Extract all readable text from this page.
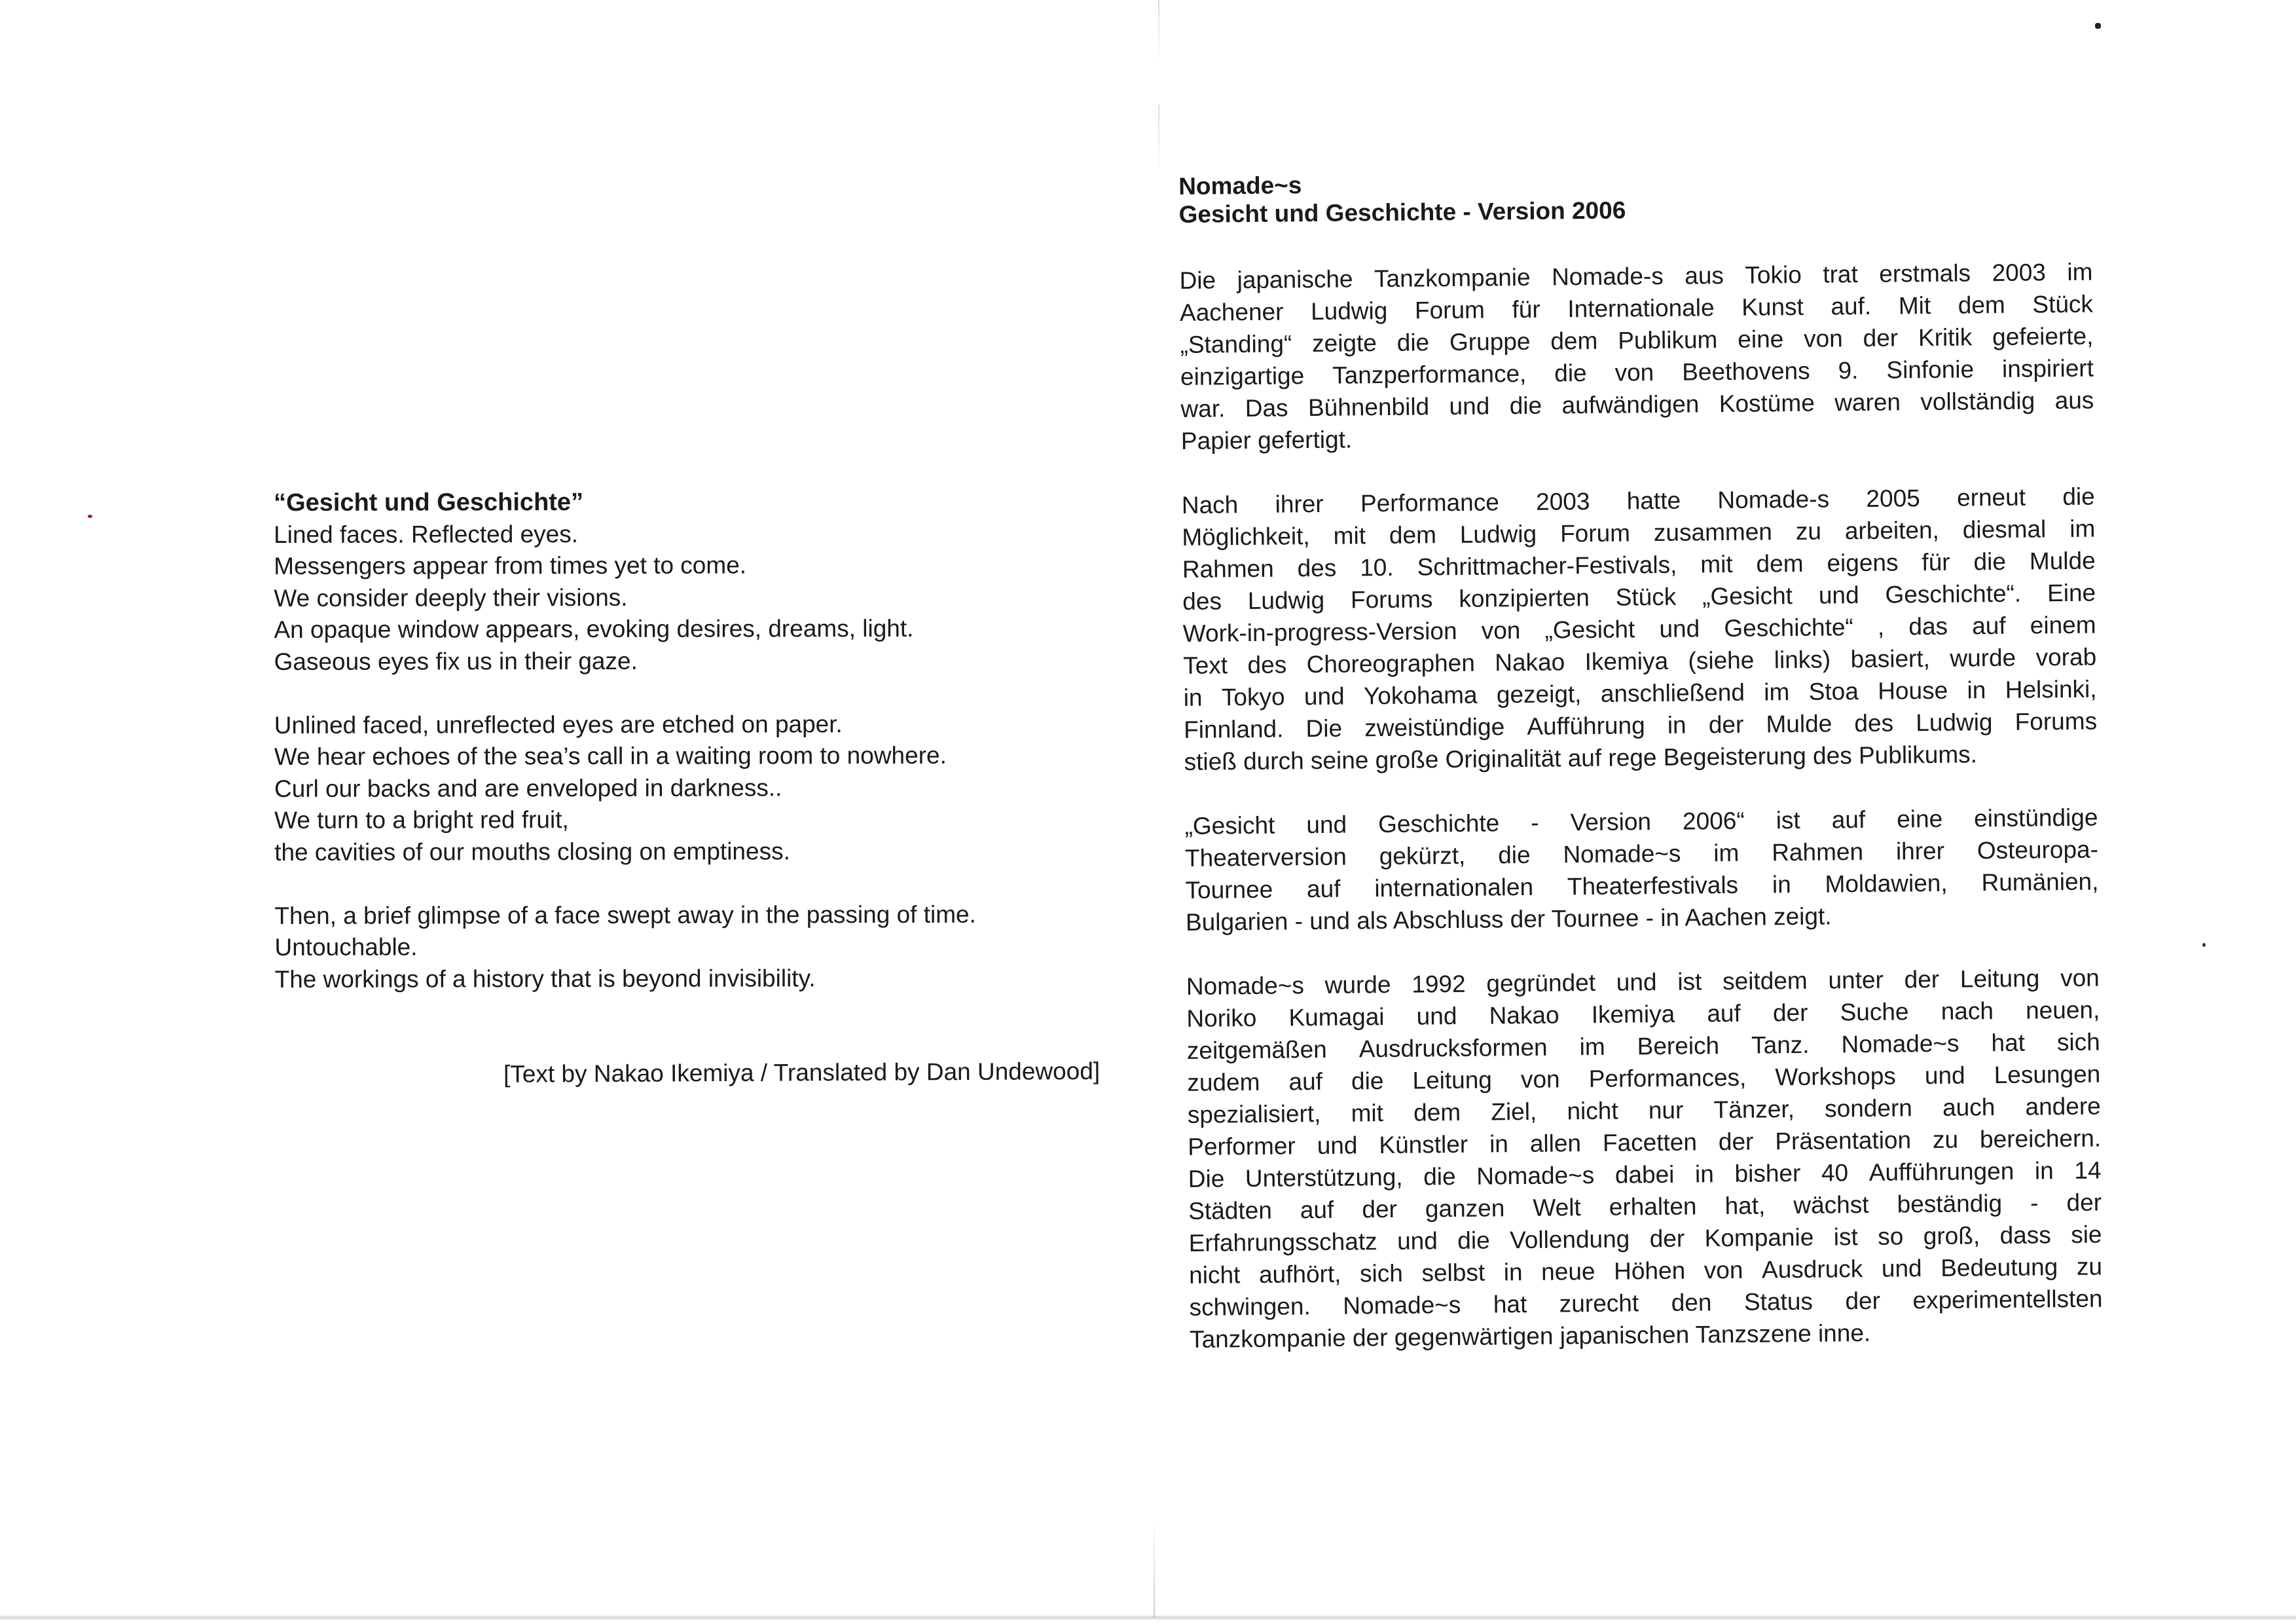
“Gesicht und Geschichte”
Lined faces. Reflected eyes.
Messengers appear from times yet to come.
We consider deeply their visions.
An opaque window appears, evoking desires, dreams, light.
Gaseous eyes fix us in their gaze.
Unlined faced, unreflected eyes are etched on paper.
We hear echoes of the sea’s call in a waiting room to nowhere.
Curl our backs and are enveloped in darkness..
We turn to a bright red fruit,
the cavities of our mouths closing on emptiness.
Then, a brief glimpse of a face swept away in the passing of time.
Untouchable.
The workings of a history that is beyond invisibility.
[Text by Nakao Ikemiya / Translated by Dan Undewood]
Nomade~s
Gesicht und Geschichte - Version 2006

Die japanische Tanzkompanie Nomade-s aus Tokio trat erstmals 2003 im
Aachener Ludwig Forum für Internationale Kunst auf. Mit dem Stück
„Standing“ zeigte die Gruppe dem Publikum eine von der Kritik gefeierte,
einzigartige Tanzperformance, die von Beethovens 9. Sinfonie inspiriert
war. Das Bühnenbild und die aufwändigen Kostüme waren vollständig aus
Papier gefertigt.

Nach ihrer Performance 2003 hatte Nomade-s 2005 erneut die
Möglichkeit, mit dem Ludwig Forum zusammen zu arbeiten, diesmal im
Rahmen des 10. Schrittmacher-Festivals, mit dem eigens für die Mulde
des Ludwig Forums konzipierten Stück „Gesicht und Geschichte“. Eine
Work-in-progress-Version von „Gesicht und Geschichte“ , das auf einem
Text des Choreographen Nakao Ikemiya (siehe links) basiert, wurde vorab
in Tokyo und Yokohama gezeigt, anschließend im Stoa House in Helsinki,
Finnland. Die zweistündige Aufführung in der Mulde des Ludwig Forums
stieß durch seine große Originalität auf rege Begeisterung des Publikums.

„Gesicht und Geschichte - Version 2006“ ist auf eine einstündige
Theaterversion gekürzt, die Nomade~s im Rahmen ihrer Osteuropa-
Tournee auf internationalen Theaterfestivals in Moldawien, Rumänien,
Bulgarien - und als Abschluss der Tournee - in Aachen zeigt.

Nomade~s wurde 1992 gegründet und ist seitdem unter der Leitung von
Noriko Kumagai und Nakao Ikemiya auf der Suche nach neuen,
zeitgemäßen Ausdrucksformen im Bereich Tanz. Nomade~s hat sich
zudem auf die Leitung von Performances, Workshops und Lesungen
spezialisiert, mit dem Ziel, nicht nur Tänzer, sondern auch andere
Performer und Künstler in allen Facetten der Präsentation zu bereichern.
Die Unterstützung, die Nomade~s dabei in bisher 40 Aufführungen in 14
Städten auf der ganzen Welt erhalten hat, wächst beständig - der
Erfahrungsschatz und die Vollendung der Kompanie ist so groß, dass sie
nicht aufhört, sich selbst in neue Höhen von Ausdruck und Bedeutung zu
schwingen. Nomade~s hat zurecht den Status der experimentellsten
Tanzkompanie der gegenwärtigen japanischen Tanzszene inne.
